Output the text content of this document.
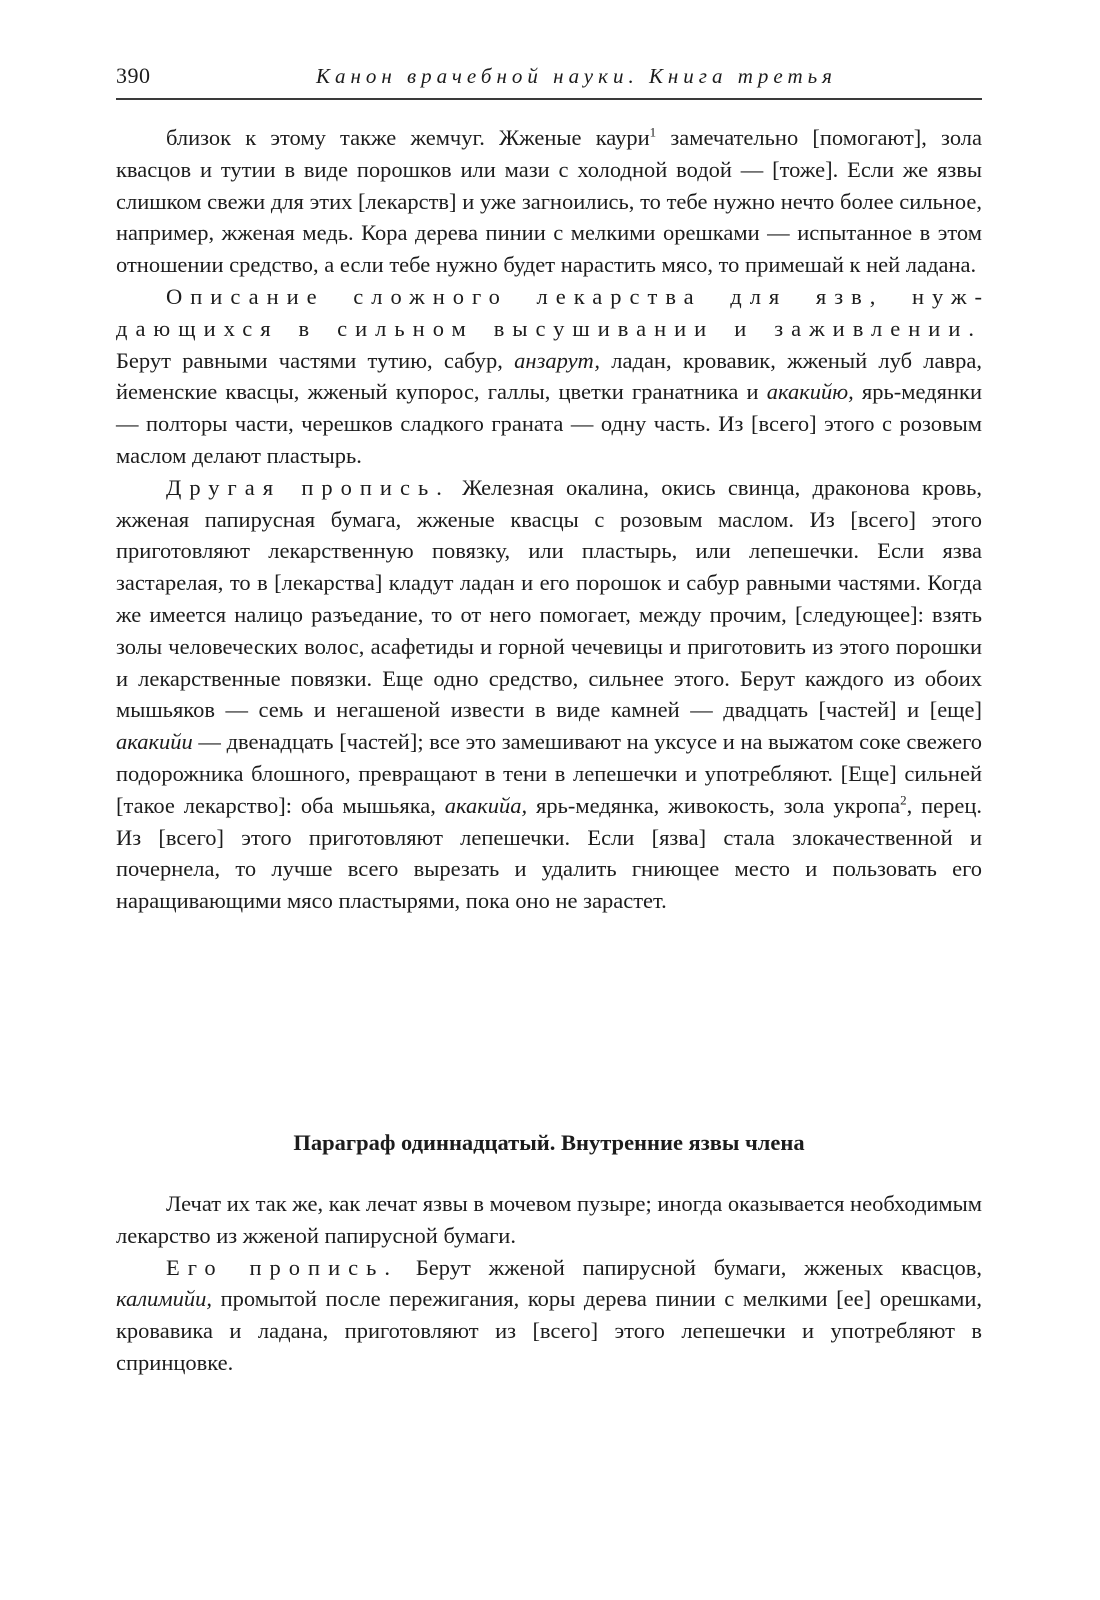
390	Канон врачебной науки. Книга третья

близок к этому также жемчуг. Жженые каури$^1$ замечательно [помогают], зола квасцов и тутии в виде порошков или мази с холодной водой — [тоже]. Если же язвы слишком свежи для этих [лекарств] и уже загноились, то тебе нужно нечто более сильное, например, жженая медь. Кора дерева пинии с мелкими орешками — испытанное в этом отношении средство, а если тебе нужно будет нарастить мясо, то примешай к ней ладана.

Описание сложного лекарства для язв, нуждающихся в сильном высушивании и заживлении. Берут равными частями тутию, сабур, анзарут, ладан, кровавик, жженый луб лавра, йеменские квасцы, жженый купорос, галлы, цветки гранатника и акакийю, ярь-медянки — полторы части, черешков сладкого граната — одну часть. Из [всего] этого с розовым маслом делают пластырь.

Другая пропись. Железная окалина, окись свинца, драконова кровь, жженая папирусная бумага, жженые квасцы с розовым маслом. Из [всего] этого приготовляют лекарственную повязку, или пластырь, или лепешечки. Если язва застарелая, то в [лекарства] кладут ладан и его порошок и сабур равными частями. Когда же имеется налицо разъедание, то от него помогает, между прочим, [следующее]: взять золы человеческих волос, асафетиды и горной чечевицы и приготовить из этого порошки и лекарственные повязки. Еще одно средство, сильнее этого. Берут каждого из обоих мышьяков — семь и негашеной извести в виде камней — двадцать [частей] и [еще] акакийи — двенадцать [частей]; все это замешивают на уксусе и на выжатом соке свежего подорожника блошного, превращают в тени в лепешечки и употребляют. [Еще] сильней [такое лекарство]: оба мышьяка, акакийа, ярь-медянка, живокость, зола укропа$^2$, перец. Из [всего] этого приготовляют лепешечки. Если [язва] стала злокачественной и почернела, то лучше всего вырезать и удалить гниющее место и пользовать его наращивающими мясо пластырями, пока оно не зарастет.

Параграф одиннадцатый. Внутренние язвы члена

Лечат их так же, как лечат язвы в мочевом пузыре; иногда оказывается необходимым лекарство из жженой папирусной бумаги.

Его пропись. Берут жженой папирусной бумаги, жженых квасцов, калимийи, промытой после пережигания, коры дерева пинии с мелкими [ее] орешками, кровавика и ладана, приготовляют из [всего] этого лепешечки и употребляют в спринцовке.
